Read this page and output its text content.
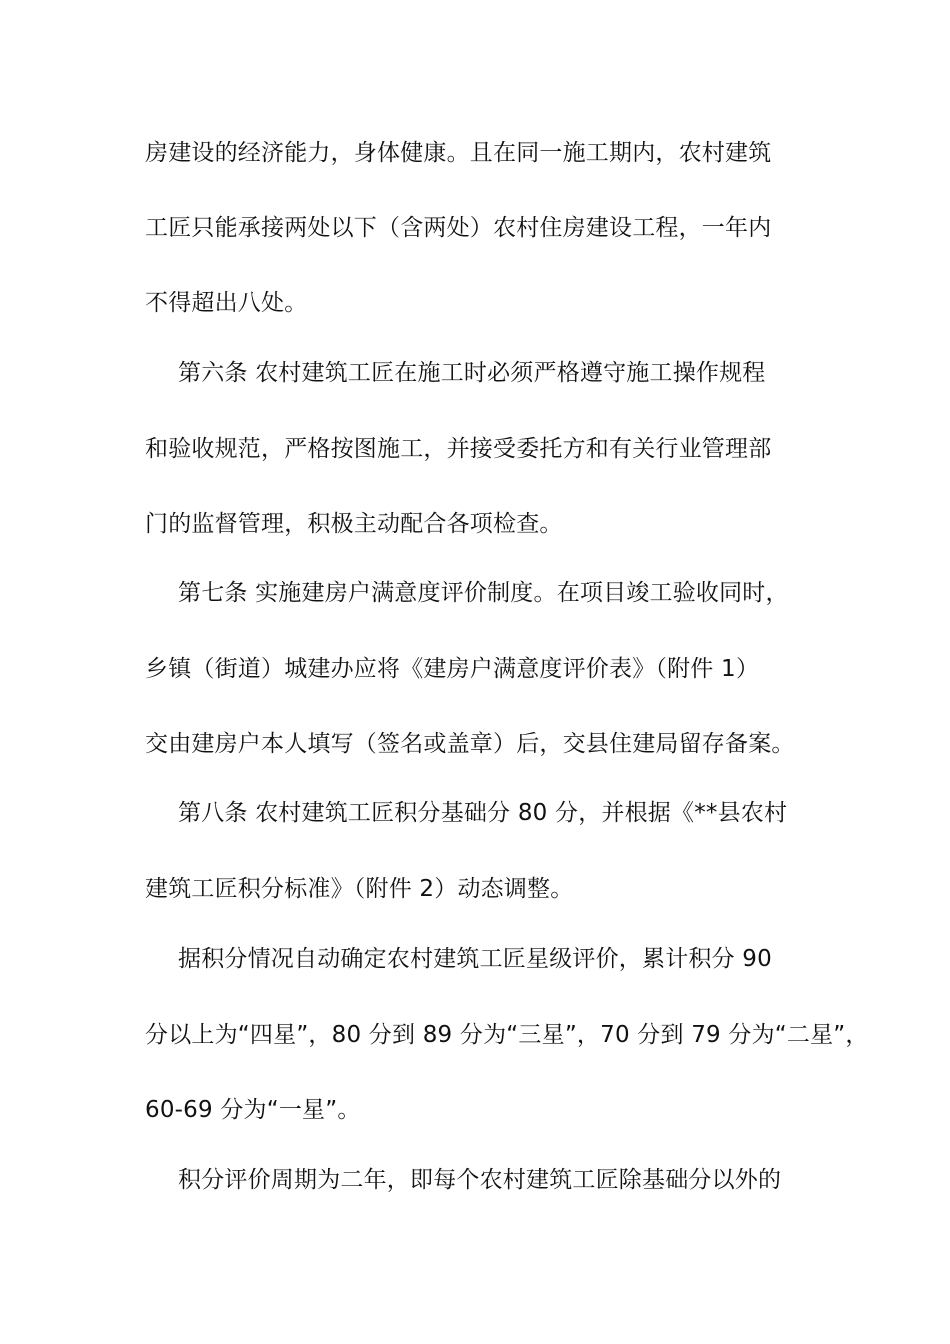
房建设的经济能力，身体健康。且在同一施工期内，农村建筑
工匠只能承接两处以下（含两处）农村住房建设工程，一年内
不得超出八处。
第六条 农村建筑工匠在施工时必须严格遵守施工操作规程
和验收规范，严格按图施工，并接受委托方和有关行业管理部
门的监督管理，积极主动配合各项检查。
第七条 实施建房户满意度评价制度。在项目竣工验收同时，
乡镇（街道）城建办应将《建房户满意度评价表》（附件 1）
交由建房户本人填写（签名或盖章）后，交县住建局留存备案。
第八条 农村建筑工匠积分基础分 80 分，并根据《**县农村
建筑工匠积分标准》（附件 2）动态调整。
据积分情况自动确定农村建筑工匠星级评价，累计积分 90
分以上为“四星”，80 分到 89 分为“三星”，70 分到 79 分为“二星”，
60-69 分为“一星”。
积分评价周期为二年，即每个农村建筑工匠除基础分以外的
